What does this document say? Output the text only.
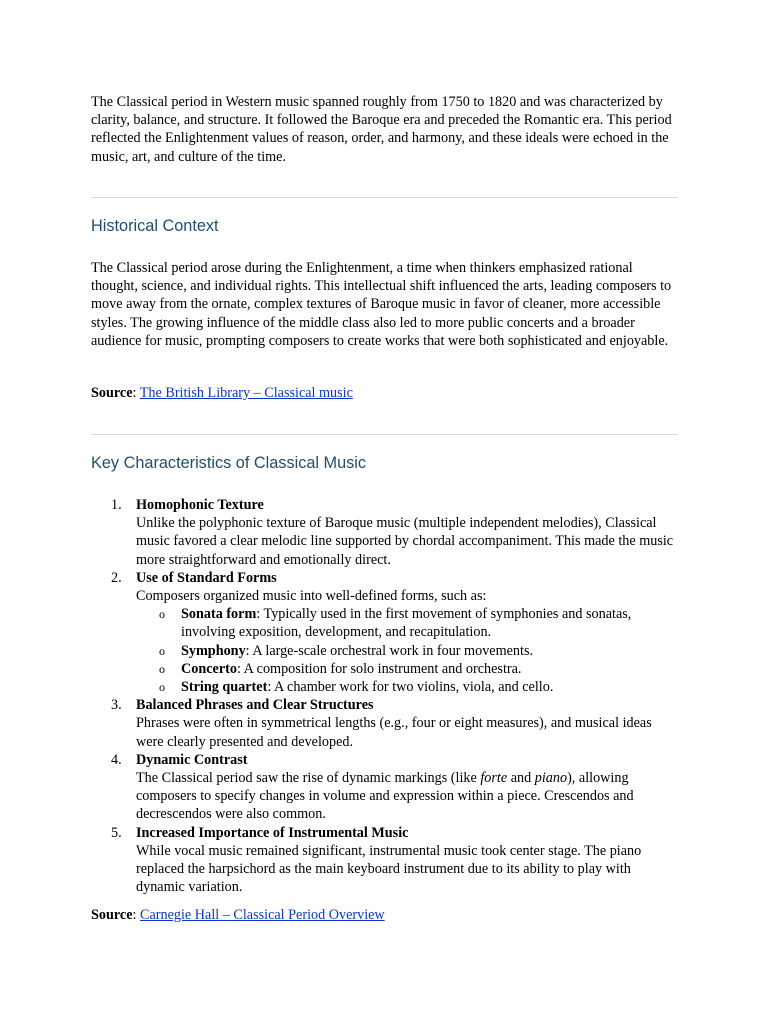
The Classical period in Western music spanned roughly from 1750 to 1820 and was characterized by clarity, balance, and structure. It followed the Baroque era and preceded the Romantic era. This period reflected the Enlightenment values of reason, order, and harmony, and these ideals were echoed in the music, art, and culture of the time.

Historical Context

The Classical period arose during the Enlightenment, a time when thinkers emphasized rational thought, science, and individual rights. This intellectual shift influenced the arts, leading composers to move away from the ornate, complex textures of Baroque music in favor of cleaner, more accessible styles. The growing influence of the middle class also led to more public concerts and a broader audience for music, prompting composers to create works that were both sophisticated and enjoyable.

Source: The British Library – Classical music

Key Characteristics of Classical Music
1. Homophonic Texture
Unlike the polyphonic texture of Baroque music (multiple independent melodies), Classical music favored a clear melodic line supported by chordal accompaniment. This made the music more straightforward and emotionally direct.
2. Use of Standard Forms
Composers organized music into well-defined forms, such as:
o Sonata form: Typically used in the first movement of symphonies and sonatas, involving exposition, development, and recapitulation.
o Symphony: A large-scale orchestral work in four movements.
o Concerto: A composition for solo instrument and orchestra.
o String quartet: A chamber work for two violins, viola, and cello.
3. Balanced Phrases and Clear Structures
Phrases were often in symmetrical lengths (e.g., four or eight measures), and musical ideas were clearly presented and developed.
4. Dynamic Contrast
The Classical period saw the rise of dynamic markings (like forte and piano), allowing composers to specify changes in volume and expression within a piece. Crescendos and decrescendos were also common.
5. Increased Importance of Instrumental Music
While vocal music remained significant, instrumental music took center stage. The piano replaced the harpsichord as the main keyboard instrument due to its ability to play with dynamic variation.

Source: Carnegie Hall – Classical Period Overview
